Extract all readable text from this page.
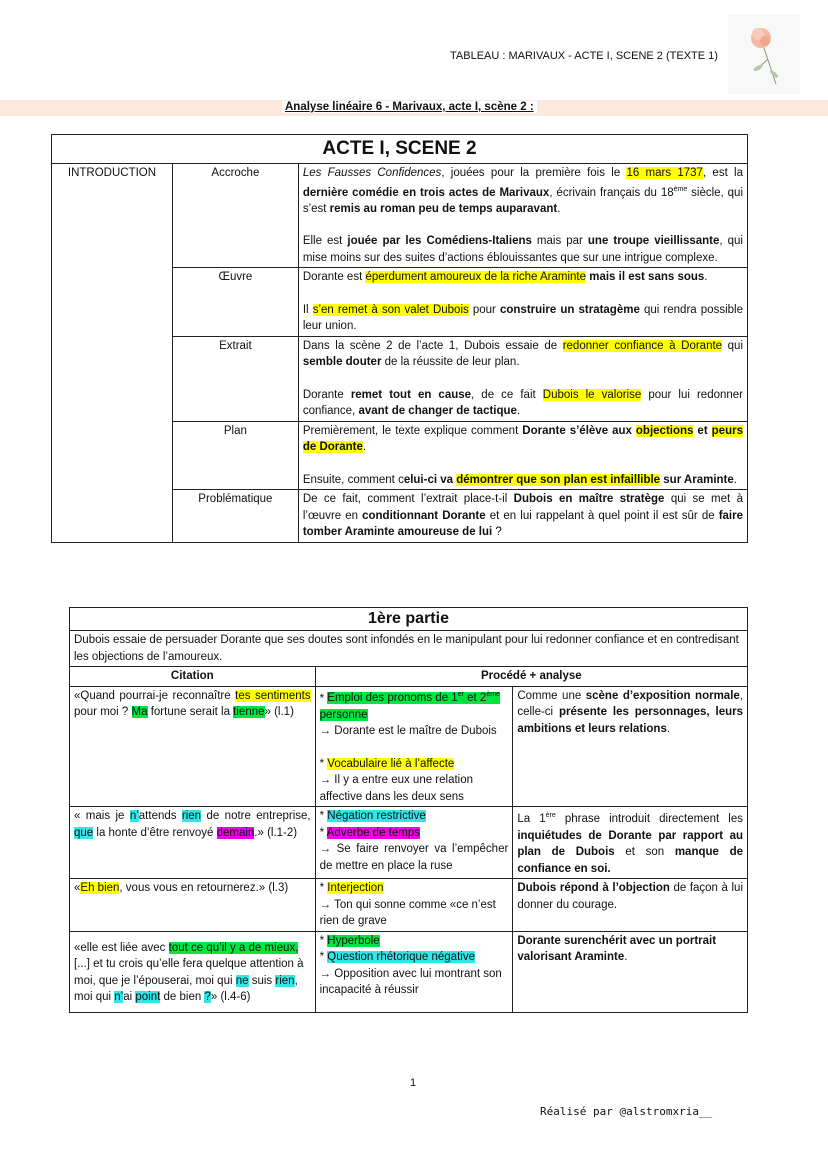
TABLEAU : MARIVAUX - ACTE I, SCENE 2 (TEXTE 1)
Analyse linéaire 6 - Marivaux, acte I, scène 2 :
ACTE I, SCENE 2		
INTRODUCTION	Accroche	Les Fausses Confidences, jouées pour la première fois le 16 mars 1737, est la dernière comédie en trois actes de Marivaux, écrivain français du 18ème siècle, qui s’est remis au roman peu de temps auparavant.

Elle est jouée par les Comédiens-Italiens mais par une troupe vieillissante, qui mise moins sur des suites d’actions éblouissantes que sur une intrigue complexe.

	Œuvre	Dorante est éperdument amoureux de la riche Araminte mais il est sans sous.

Il s’en remet à son valet Dubois pour construire un stratagème qui rendra possible leur union.

	Extrait	Dans la scène 2 de l’acte 1, Dubois essaie de redonner confiance à Dorante qui semble douter de la réussite de leur plan.

Dorante remet tout en cause, de ce fait Dubois le valorise pour lui redonner confiance, avant de changer de tactique.

	Plan	Premièrement, le texte explique comment Dorante s’élève aux objections et peurs de Dorante.

Ensuite, comment celui-ci va démontrer que son plan est infaillible sur Araminte.

	Problématique	De ce fait, comment l’extrait place-t-il Dubois en maître stratège qui se met à l’œuvre en conditionnant Dorante et en lui rappelant à quel point il est sûr de faire tomber Araminte amoureuse de lui ?

1ère partie		
Dubois essaie de persuader Dorante que ses doutes sont infondés en le manipulant pour lui redonner confiance et en contredisant les objections de l’amoureux.		
Citation	Procédé + analyse	
«Quand pourrai-je reconnaître tes sentiments pour moi ? Ma fortune serait la tienne» (l.1)	* Emploi des pronoms de 1er et 2ème personne

→ Dorante est le maître de Dubois

* Vocabulaire lié à l’affecte

→ Il y a entre eux une relation affective dans les deux sens	Comme une scène d’exposition normale, celle-ci présente les personnages, leurs ambitions et leurs relations.
« mais je n’attends rien de notre entreprise, que la honte d’être renvoyé demain.» (l.1-2)	* Négation restrictive

* Adverbe de temps

→ Se faire renvoyer va l’empêcher de mettre en place la ruse	La 1ère phrase introduit directement les inquiétudes de Dorante par rapport au plan de Dubois et son manque de confiance en soi.
«Eh bien, vous vous en retournerez.» (l.3)	* Interjection

→ Ton qui sonne comme «ce n’est rien de grave	Dubois répond à l’objection de façon à lui donner du courage.
«elle est liée avec tout ce qu’il y a de mieux, [...] et tu crois qu’elle fera quelque attention à moi, que je l’épouserai, moi qui ne suis rien, moi qui n’ai point de bien ?» (l.4-6)	* Hyperbole

* Question rhétorique négative

→ Opposition avec lui montrant son incapacité à réussir	Dorante surenchérit avec un portrait valorisant Araminte.
1
Réalisé par @alstromxria__
